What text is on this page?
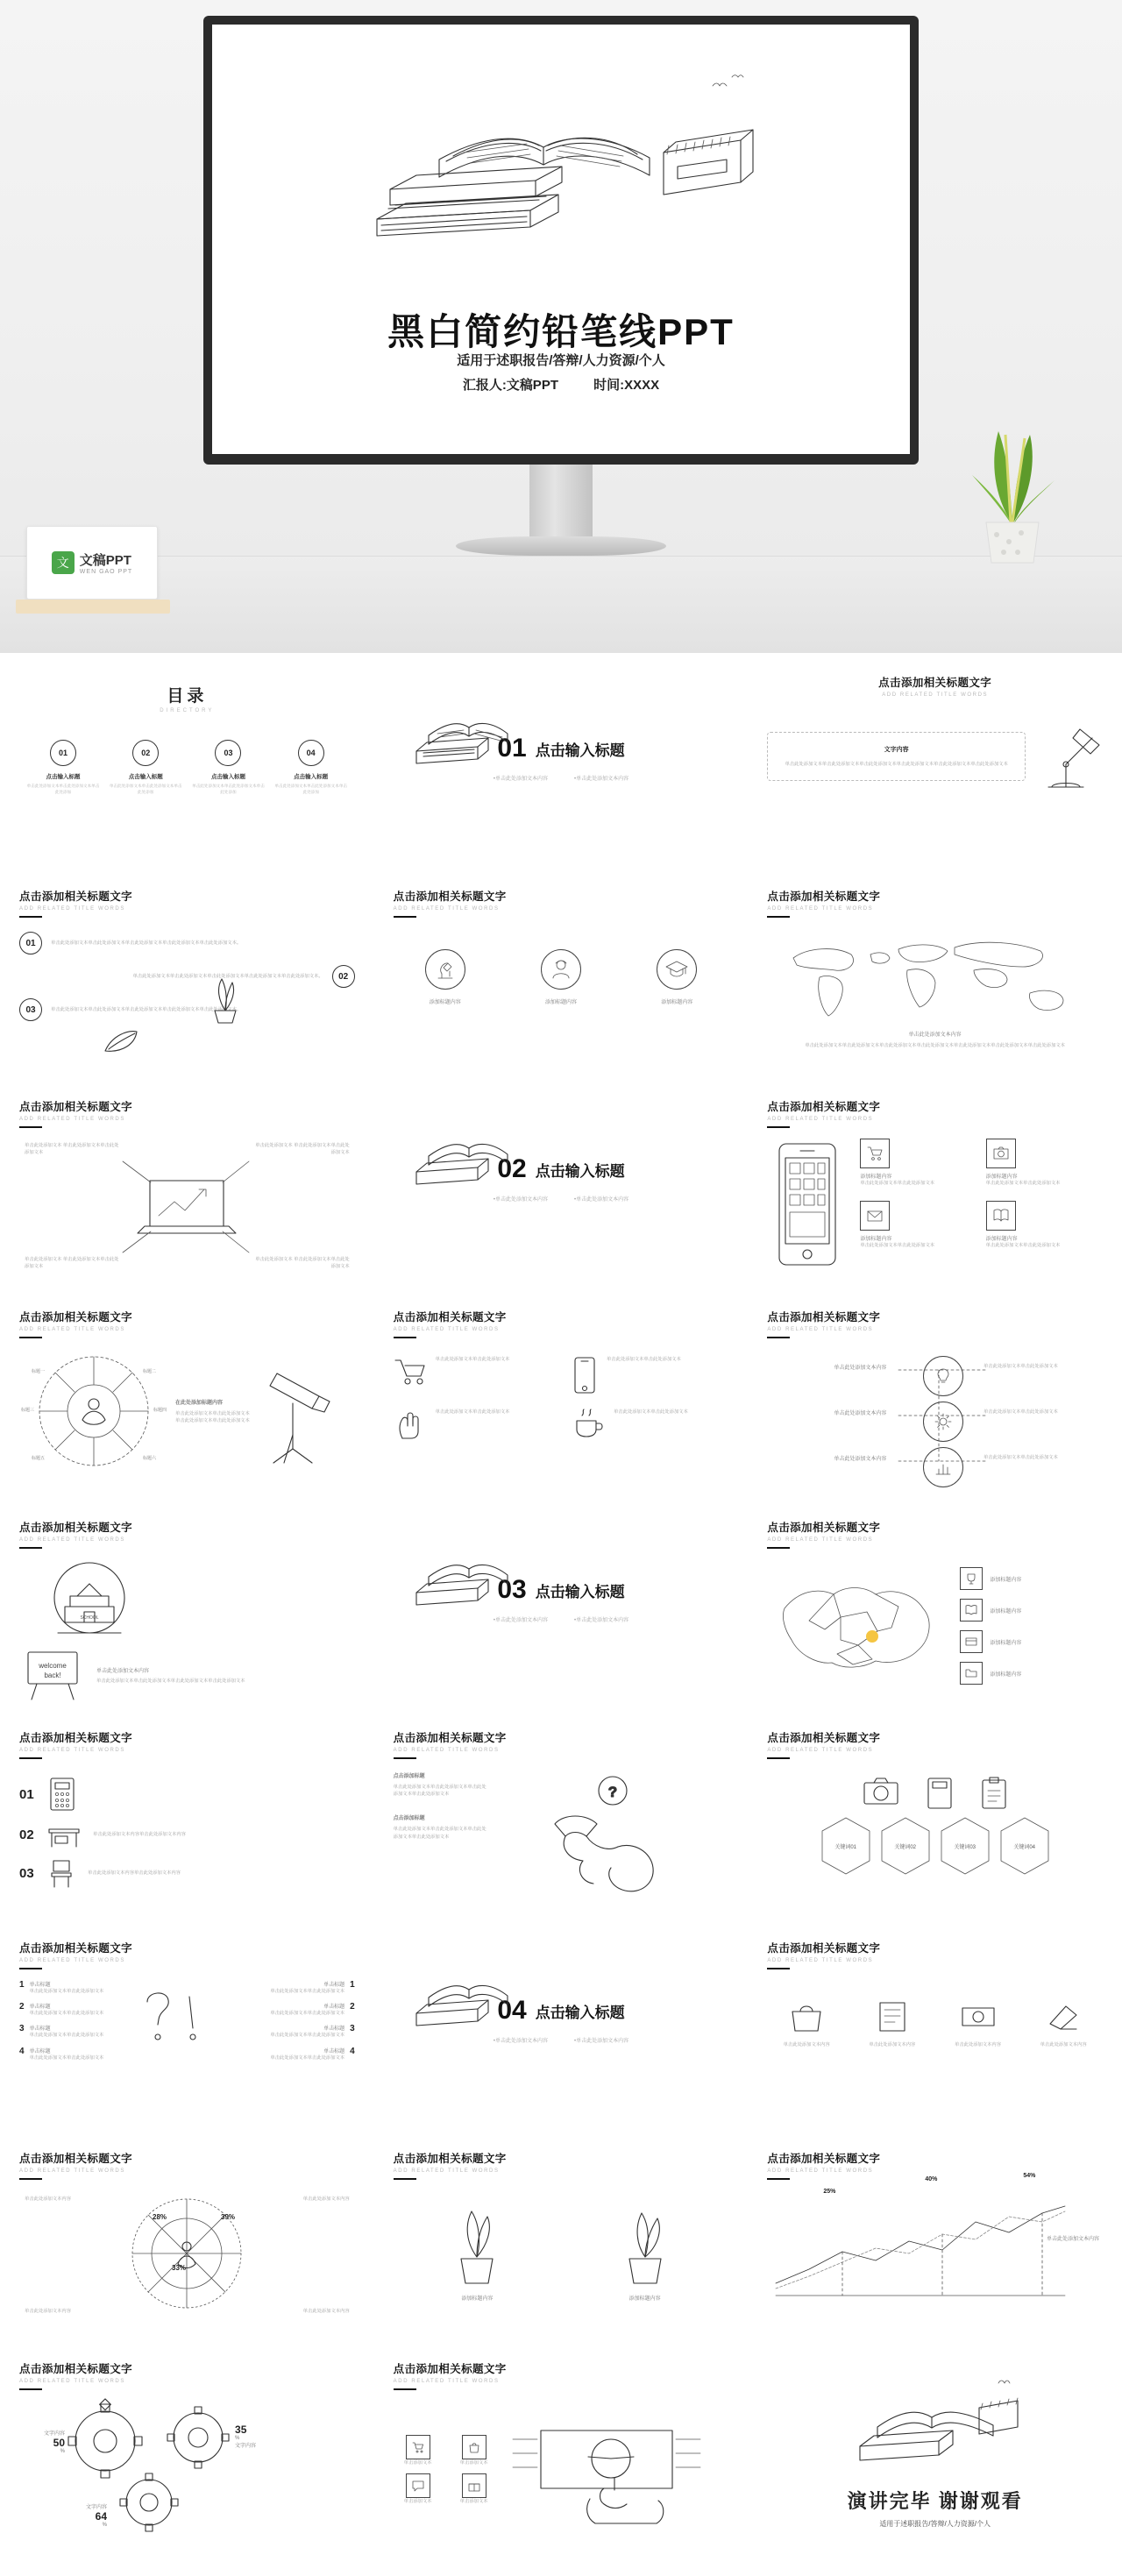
黑白简约铅笔线PPT
适用于述职报告/答辩/人力资源/个人
汇报人:文稿PPT	时间:XXXX
文 文稿PPT
WEN GAO PPT
目录
DIRECTORY
01
点击输入标题
单击此处添加文本单击此处添加文本单击此处添加
02
点击输入标题
单击此处添加文本单击此处添加文本单击此处添加
03
点击输入标题
单击此处添加文本单击此处添加文本单击此处添加
04
点击输入标题
单击此处添加文本单击此处添加文本单击此处添加
01 点击输入标题
•单击此处添加文本内容	•单击此处添加文本内容
点击添加相关标题文字
ADD RELATED TITLE WORDS
文字内容
单击此处添加文本单击此处添加文本单击此处添加文本单击此处添加文本单击此处添加文本单击此处添加文本
点击添加相关标题文字
ADD RELATED TITLE WORDS
01	单击此处添加文本单击此处添加文本单击此处添加文本单击此处添加文本单击此处添加文本。
02
单击此处添加文本单击此处添加文本单击此处添加文本单击此处添加文本单击此处添加文本。
03	单击此处添加文本单击此处添加文本单击此处添加文本单击此处添加文本单击此处添加文本。
点击添加相关标题文字
ADD RELATED TITLE WORDS
添加标题内容	添加标题内容	添加标题内容
点击添加相关标题文字
ADD RELATED TITLE WORDS
单击此处添加文本内容
单击此处添加文本单击此处添加文本单击此处添加文本单击此处添加文本单击此处添加文本单击此处添加文本单击此处添加文本
点击添加相关标题文字
ADD RELATED TITLE WORDS
单击此处添加文本 单击此处添加文本单击此处添加文本
单击此处添加文本 单击此处添加文本单击此处添加文本
单击此处添加文本 单击此处添加文本单击此处添加文本
单击此处添加文本 单击此处添加文本单击此处添加文本
02 点击输入标题
•单击此处添加文本内容	•单击此处添加文本内容
点击添加相关标题文字
ADD RELATED TITLE WORDS
添加标题内容
单击此处添加文本单击此处添加文本
添加标题内容
单击此处添加文本单击此处添加文本
添加标题内容
单击此处添加文本单击此处添加文本
添加标题内容
单击此处添加文本单击此处添加文本
点击添加相关标题文字
ADD RELATED TITLE WORDS
标题一	标题二
标题三	标题四
标题五	标题六
在此处添加标题内容
单击此处添加文本单击此处添加文本单击此处添加文本单击此处添加文本
点击添加相关标题文字
ADD RELATED TITLE WORDS
单击此处添加文本单击此处添加文本	单击此处添加文本单击此处添加文本
单击此处添加文本单击此处添加文本	单击此处添加文本单击此处添加文本
点击添加相关标题文字
ADD RELATED TITLE WORDS
单击此处添加文本内容	单击此处添加文本单击此处添加文本
单击此处添加文本内容	单击此处添加文本单击此处添加文本
单击此处添加文本内容	单击此处添加文本单击此处添加文本
点击添加相关标题文字
ADD RELATED TITLE WORDS
SCHOOL
welcome
back!	单击此处添加文本内容
单击此处添加文本单击此处添加文本单击此处添加文本单击此处添加文本
03 点击输入标题
•单击此处添加文本内容	•单击此处添加文本内容
点击添加相关标题文字
ADD RELATED TITLE WORDS
添加标题内容
添加标题内容
添加标题内容
添加标题内容
点击添加相关标题文字
ADD RELATED TITLE WORDS
01
02	单击此处添加文本内容单击此处添加文本内容
03	单击此处添加文本内容单击此处添加文本内容
点击添加相关标题文字
ADD RELATED TITLE WORDS
点击添加标题
单击此处添加文本单击此处添加文本单击此处添加文本单击此处添加文本
点击添加标题
单击此处添加文本单击此处添加文本单击此处添加文本单击此处添加文本
?
点击添加相关标题文字
ADD RELATED TITLE WORDS
关键词01	关键词02	关键词03	关键词04
点击添加相关标题文字
ADD RELATED TITLE WORDS
1 单击标题
单击此处添加文本单击此处添加文本
2 单击标题
单击此处添加文本单击此处添加文本
3 单击标题
单击此处添加文本单击此处添加文本
4 单击标题
单击此处添加文本单击此处添加文本
1
单击标题
单击此处添加文本单击此处添加文本
2
单击标题
单击此处添加文本单击此处添加文本
3
单击标题
单击此处添加文本单击此处添加文本
4
单击标题
单击此处添加文本单击此处添加文本
04 点击输入标题
•单击此处添加文本内容	•单击此处添加文本内容
点击添加相关标题文字
ADD RELATED TITLE WORDS
单击此处添加文本内容	单击此处添加文本内容	单击此处添加文本内容	单击此处添加文本内容
点击添加相关标题文字
ADD RELATED TITLE WORDS
28%	39%
33%
单击此处添加文本内容	单击此处添加文本内容
单击此处添加文本内容	单击此处添加文本内容
点击添加相关标题文字
ADD RELATED TITLE WORDS
添加标题内容	添加标题内容
点击添加相关标题文字
ADD RELATED TITLE WORDS
25%
40%
54%
单击此处添加文本内容
点击添加相关标题文字
ADD RELATED TITLE WORDS
文字内容
50
%
35
%
文字内容
文字内容
64
%
点击添加相关标题文字
ADD RELATED TITLE WORDS
单击添加文本	单击添加文本
单击添加文本	单击添加文本	演讲完毕 谢谢观看
适用于述职报告/答辩/人力资源/个人
